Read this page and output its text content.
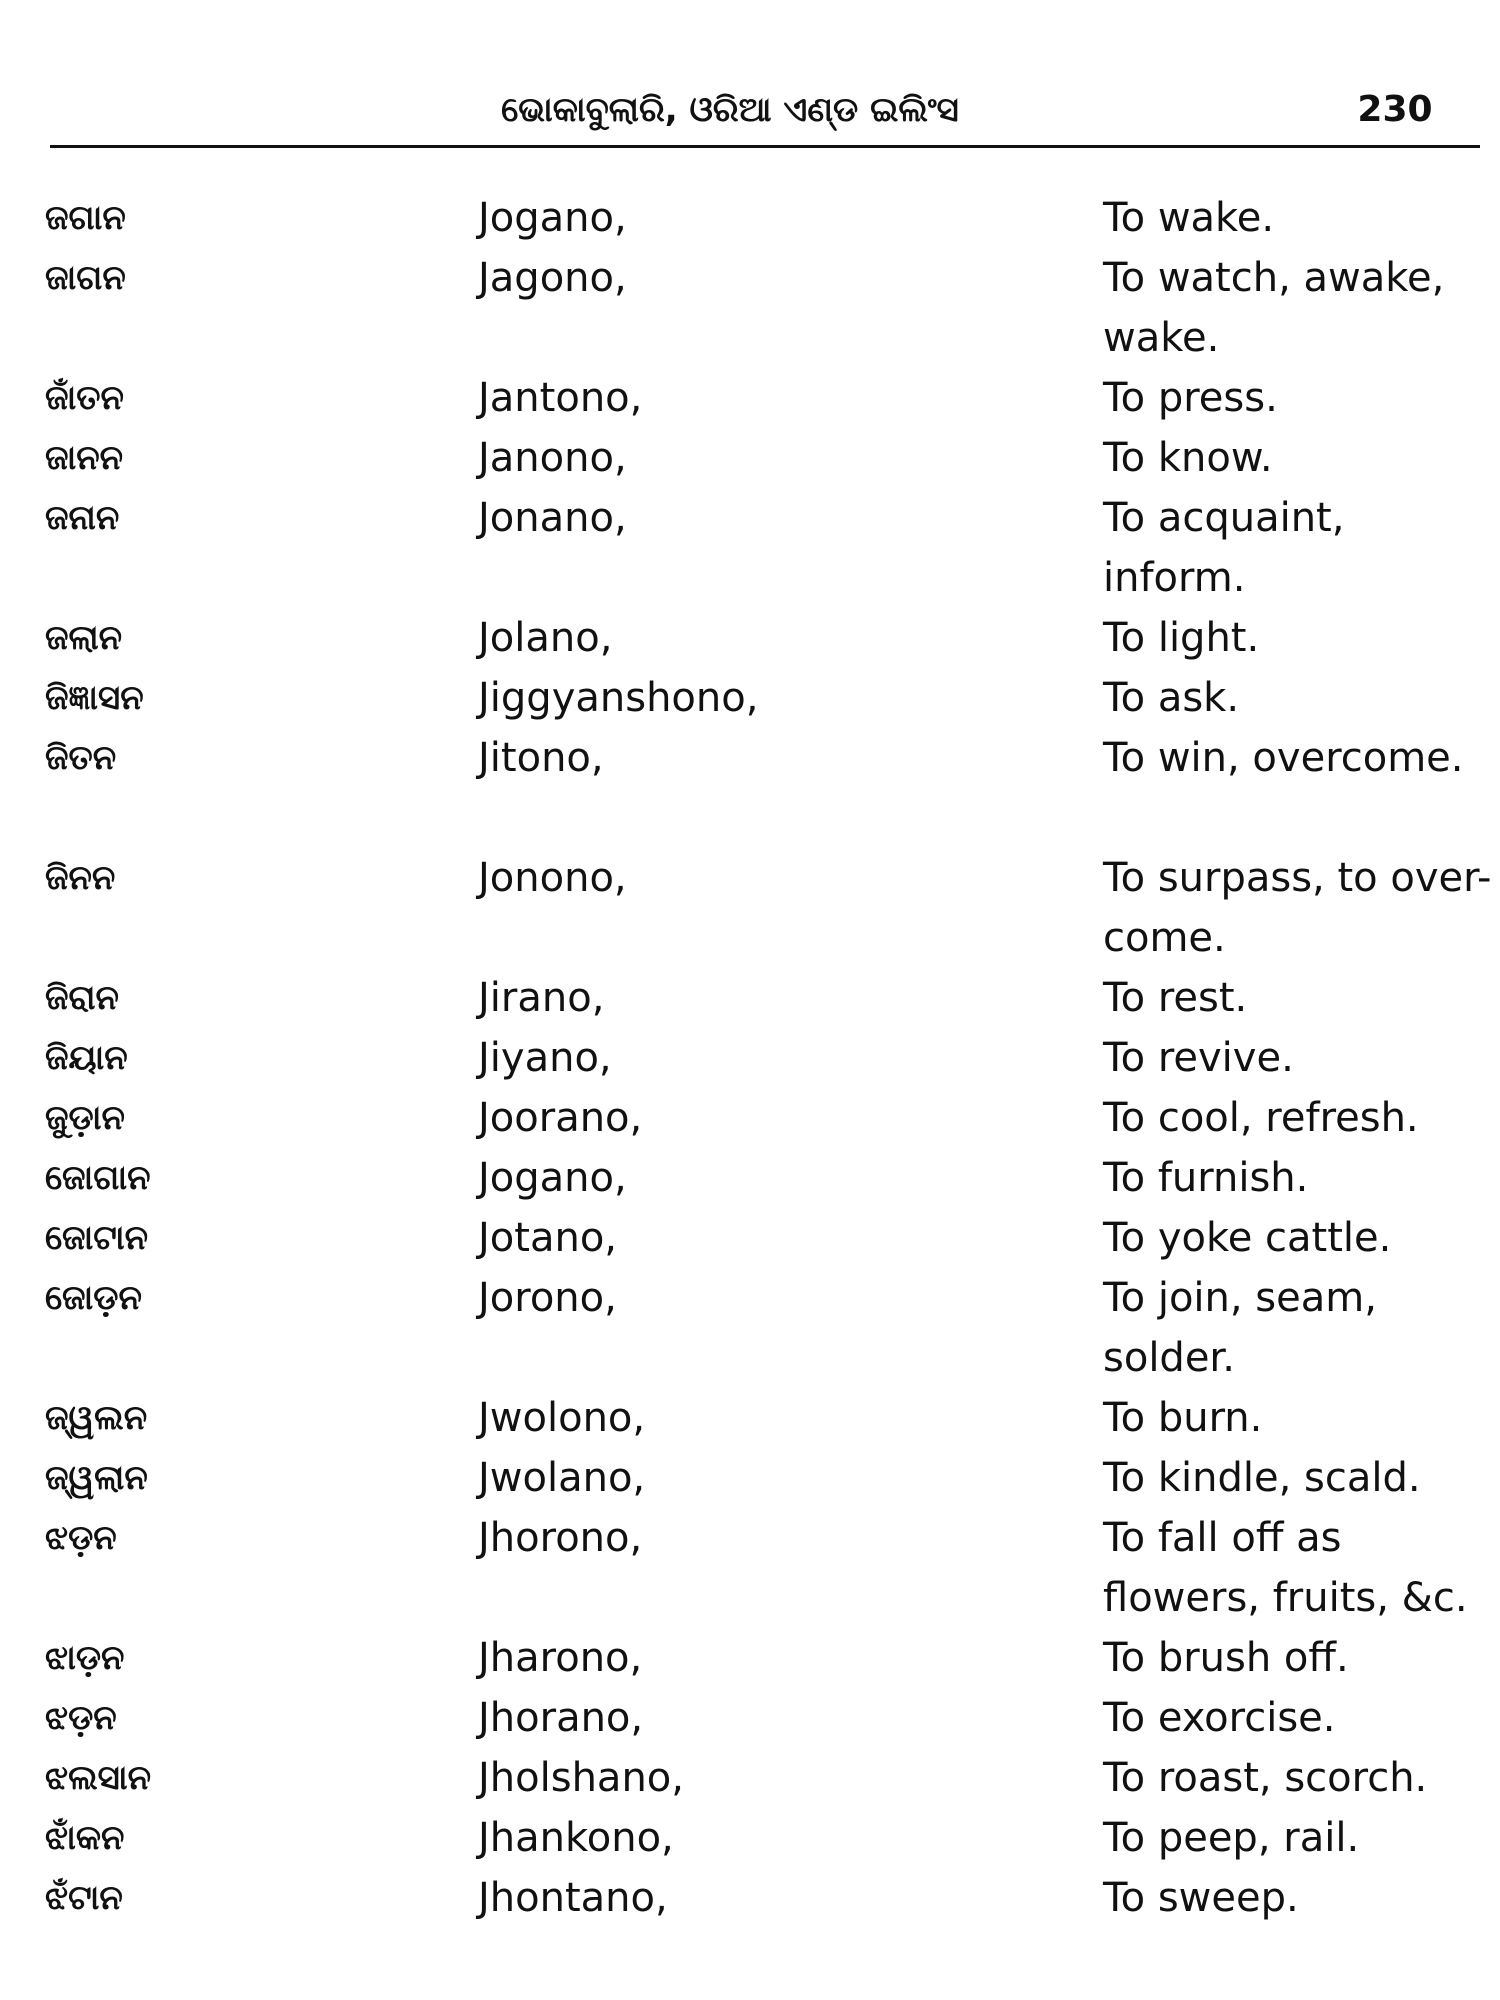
ଭୋକାବୁଲାରି, ଓରିଆ ଏଣ୍ଡ ଇଲିଂସ	230
ଜଗାନ	Jogano,	To wake.
ଜାଗନ	Jagono,	To watch, awake, wake.
ଜାଁତନ	Jantono,	To press.
ଜାନନ	Janono,	To know.
ଜନାନ	Jonano,	To acquaint, inform.
ଜଲାନ	Jolano,	To light.
ଜିଜ୍ଞାସନ	Jiggyanshono,	To ask.
ଜିତନ	Jitono,	To win, overcome.
ଜିନନ	Jonono,	To surpass, to over-come.
ଜିରାନ	Jirano,	To rest.
ଜିୟାନ	Jiyano,	To revive.
ଜୁଡ଼ାନ	Joorano,	To cool, refresh.
ଜୋଗାନ	Jogano,	To furnish.
ଜୋଟାନ	Jotano,	To yoke cattle.
ଜୋଡ଼ନ	Jorono,	To join, seam, solder.
ଜ୍ୱଲନ	Jwolono,	To burn.
ଜ୍ୱଲାନ	Jwolano,	To kindle, scald.
ଝଡ଼ନ	Jhorono,	To fall off as flowers, fruits, &c.
ଝାଡ଼ନ	Jharono,	To brush off.
ଝଡ଼ନ	Jhorano,	To exorcise.
ଝଲସାନ	Jholshano,	To roast, scorch.
ଝାଁକନ	Jhankono,	To peep, rail.
ଝଁଟାନ	Jhontano,	To sweep.
